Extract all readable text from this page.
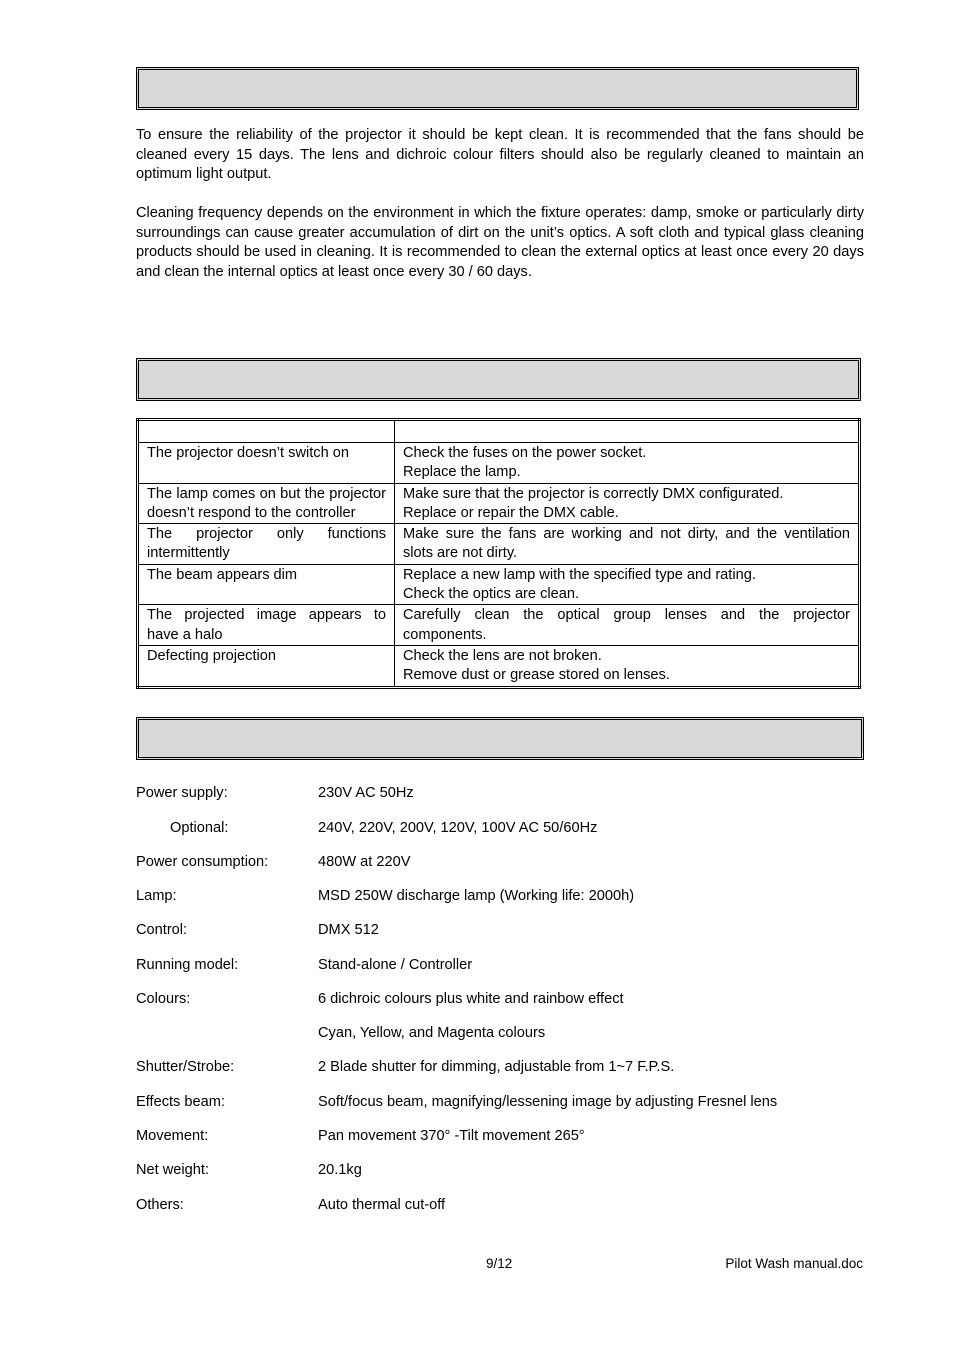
To ensure the reliability of the projector it should be kept clean. It is recommended that the fans should be cleaned every 15 days. The lens and dichroic colour filters should also be regularly cleaned to maintain an optimum light output.

Cleaning frequency depends on the environment in which the fixture operates: damp, smoke or particularly dirty surroundings can cause greater accumulation of dirt on the unit’s optics. A soft cloth and typical glass cleaning products should be used in cleaning. It is recommended to clean the external optics at least once every 20 days and clean the internal optics at least once every 30 / 60 days.

The projector doesn’t switch on	Check the fuses on the power socket.
Replace the lamp.

The lamp comes on but the projector doesn’t respond to the controller	Make sure that the projector is correctly DMX configurated.
Replace or repair the DMX cable.

The projector only functions intermittently	Make sure the fans are working and not dirty, and the ventilation slots are not dirty.

The beam appears dim	Replace a new lamp with the specified type and rating.
Check the optics are clean.

The projected image appears to have a halo	Carefully clean the optical group lenses and the projector components.

Defecting projection	Check the lens are not broken.
Remove dust or grease stored on lenses.
Power supply:	230V AC 50Hz
Optional:	240V, 220V, 200V, 120V, 100V AC 50/60Hz
Power consumption:	480W at 220V
Lamp:	MSD 250W discharge lamp (Working life: 2000h)
Control:	DMX 512
Running model:	Stand-alone / Controller
Colours:	6 dichroic colours plus white and rainbow effect
Cyan, Yellow, and Magenta colours
Shutter/Strobe:	2 Blade shutter for dimming, adjustable from 1~7 F.P.S.
Effects beam:	Soft/focus beam, magnifying/lessening image by adjusting Fresnel lens
Movement:	Pan movement 370° -Tilt movement 265°
Net weight:	20.1kg
Others:	Auto thermal cut-off
9/12	Pilot Wash manual.doc
